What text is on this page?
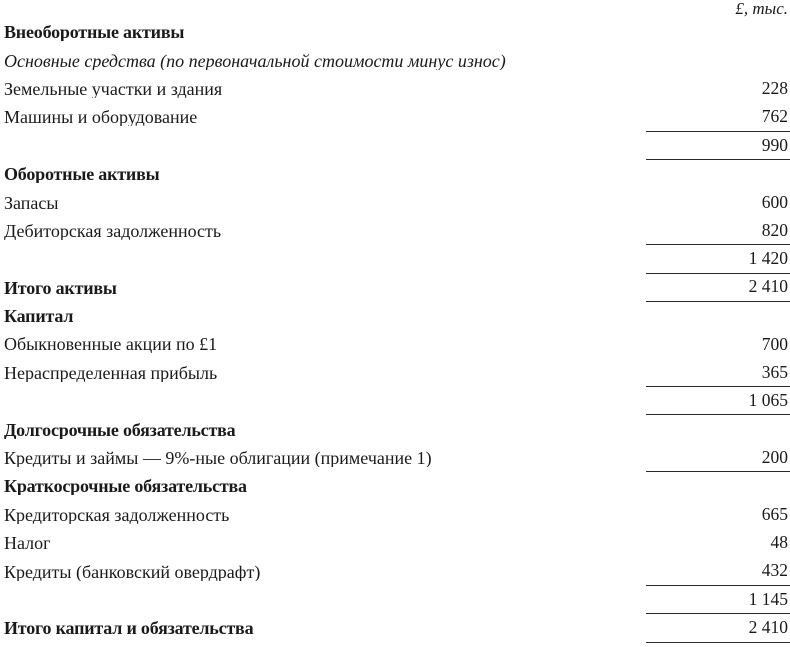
£, тыс.
Внеоборотные активы
Основные средства (по первоначальной стоимости минус износ)
Земельные участки и здания	228
Машины и оборудование	762
990
Оборотные активы
Запасы	600
Дебиторская задолженность	820
1 420
Итого активы	2 410
Капитал
Обыкновенные акции по £1	700
Нераспределенная прибыль	365
1 065
Долгосрочные обязательства
Кредиты и займы — 9%-ные облигации (примечание 1)	200
Краткосрочные обязательства
Кредиторская задолженность	665
Налог	48
Кредиты (банковский овердрафт)	432
1 145
Итого капитал и обязательства	2 410
